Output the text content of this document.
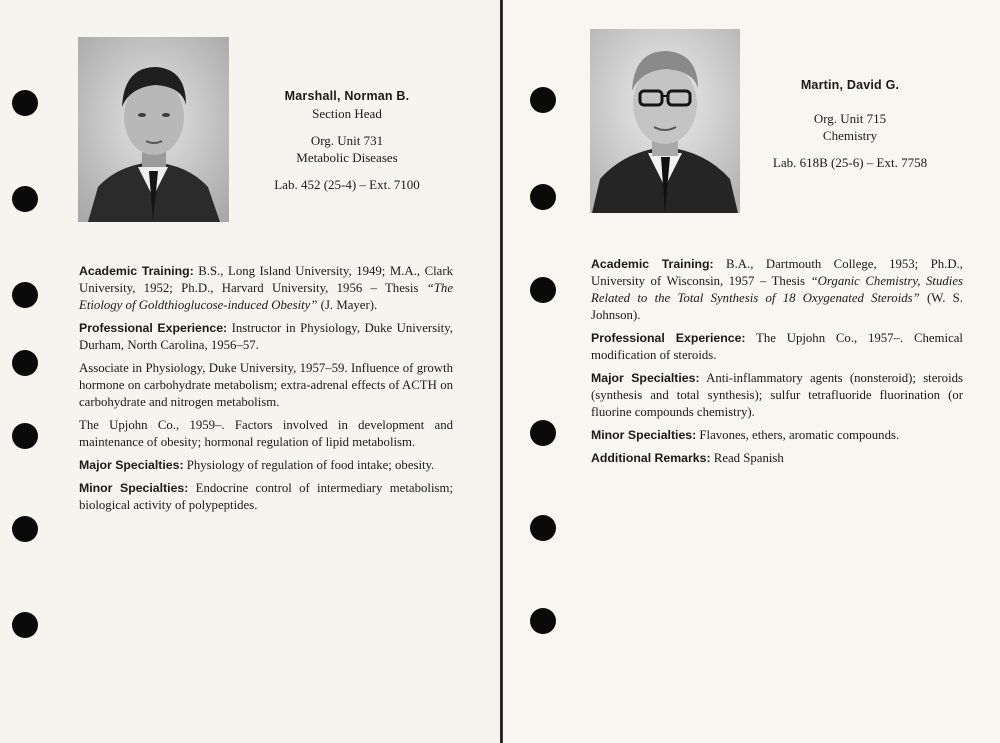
Marshall, Norman B.
Section Head
Org. Unit 731
Metabolic Diseases
Lab. 452 (25-4) – Ext. 7100

Academic Training: B.S., Long Island University, 1949; M.A., Clark University, 1952; Ph.D., Harvard University, 1956 – Thesis “The Etiology of Goldthioglucose-induced Obesity” (J. Mayer).

Professional Experience: Instructor in Physiology, Duke University, Durham, North Carolina, 1956–57.

Associate in Physiology, Duke University, 1957–59. Influence of growth hormone on carbohydrate metabolism; extra-adrenal effects of ACTH on carbohydrate and nitrogen metabolism.

The Upjohn Co., 1959–. Factors involved in development and maintenance of obesity; hormonal regulation of lipid metabolism.

Major Specialties: Physiology of regulation of food intake; obesity.

Minor Specialties: Endocrine control of intermediary metabolism; biological activity of polypeptides.

Martin, David G.
Org. Unit 715
Chemistry
Lab. 618B (25-6) – Ext. 7758

Academic Training: B.A., Dartmouth College, 1953; Ph.D., University of Wisconsin, 1957 – Thesis “Organic Chemistry, Studies Related to the Total Synthesis of 18 Oxygenated Steroids” (W. S. Johnson).

Professional Experience: The Upjohn Co., 1957–. Chemical modification of steroids.

Major Specialties: Anti-inflammatory agents (nonsteroid); steroids (synthesis and total synthesis); sulfur tetrafluoride fluorination (or fluorine compounds chemistry).

Minor Specialties: Flavones, ethers, aromatic compounds.

Additional Remarks: Read Spanish
